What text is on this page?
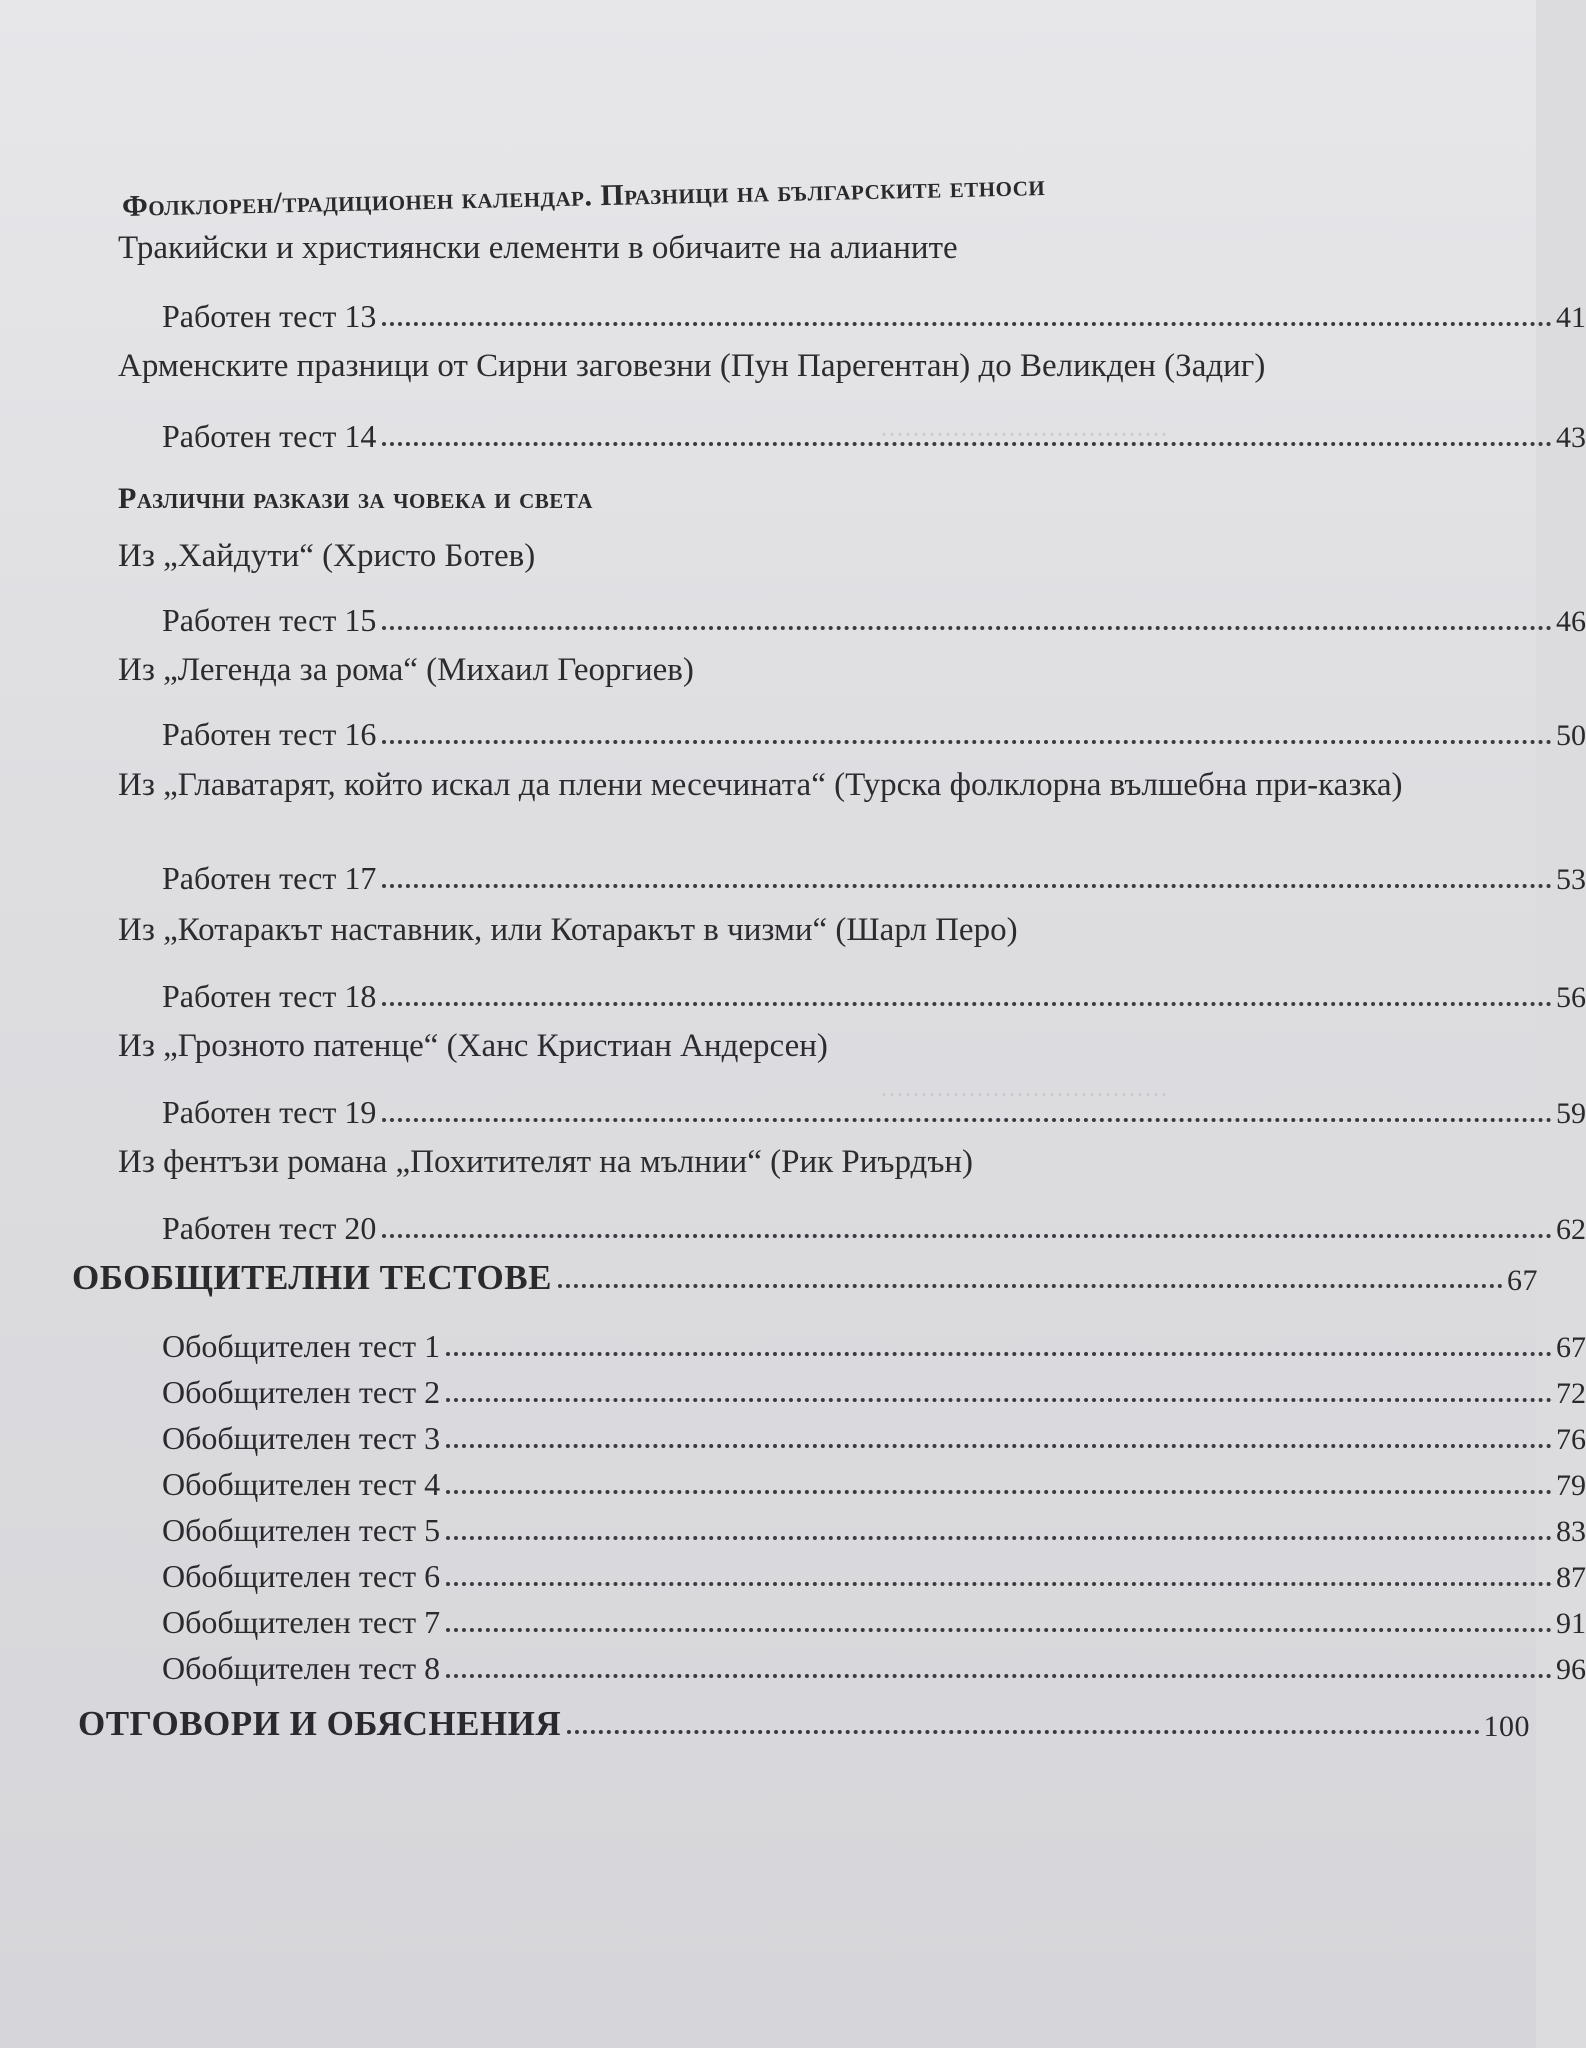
⋯⋯⋯⋯⋯⋯⋯⋯⋯⋯⋯⋯
⋯⋯⋯⋯⋯⋯⋯⋯⋯⋯⋯⋯
Фолклорен/традиционен календар. Празници на българските етноси
Тракийски и християнски елементи в обичаите на алианите
Работен тест 13	41
Арменските празници от Сирни заговезни (Пун Парегентан) до Великден (Задиг)
Работен тест 14	43
Различни разкази за човека и света
Из „Хайдути“ (Христо Ботев)
Работен тест 15	46
Из „Легенда за рома“ (Михаил Георгиев)
Работен тест 16	50
Из „Главатарят, който искал да плени месечината“ (Турска фолклорна вълшебна при-казка)
Работен тест 17	53
Из „Котаракът наставник, или Котаракът в чизми“ (Шарл Перо)
Работен тест 18	56
Из „Грозното патенце“ (Ханс Кристиан Андерсен)
Работен тест 19	59
Из фентъзи романа „Похитителят на мълнии“ (Рик Риърдън)
Работен тест 20	62
ОБОБЩИТЕЛНИ ТЕСТОВЕ	67
Обобщителен тест 1	67
Обобщителен тест 2	72
Обобщителен тест 3	76
Обобщителен тест 4	79
Обобщителен тест 5	83
Обобщителен тест 6	87
Обобщителен тест 7	91
Обобщителен тест 8	96
ОТГОВОРИ И ОБЯСНЕНИЯ	100
